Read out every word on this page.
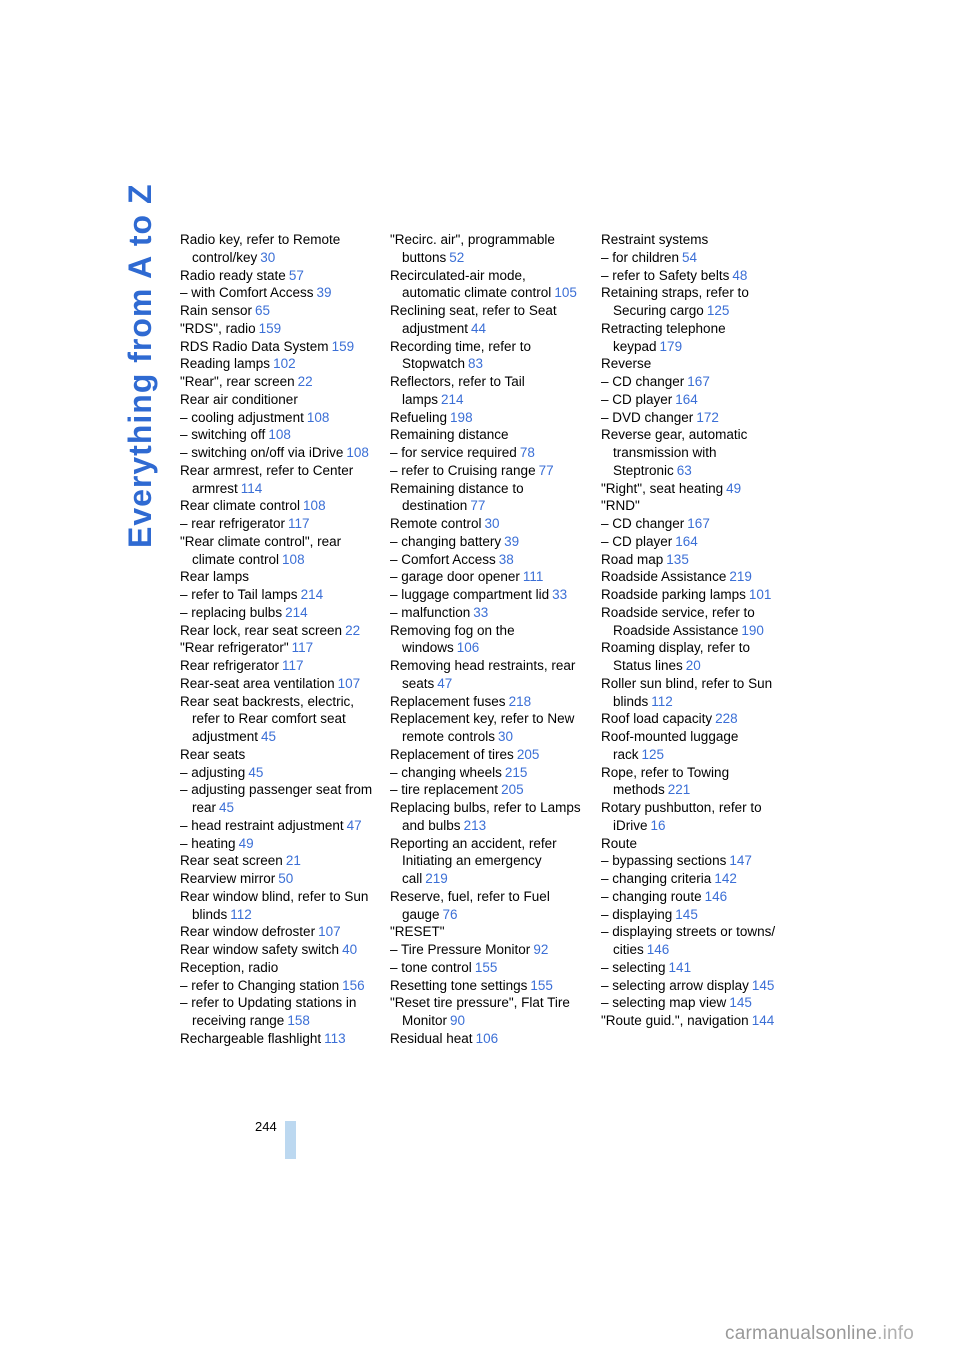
Everything from A to Z Radio key, refer to Remote control/key 30
Radio ready state 57
– with Comfort Access 39
Rain sensor 65
"RDS", radio 159
RDS Radio Data System 159
Reading lamps 102
"Rear", rear screen 22
Rear air conditioner
– cooling adjustment 108
– switching off 108
– switching on/off via iDrive 108
Rear armrest, refer to Center armrest 114
Rear climate control 108
– rear refrigerator 117
"Rear climate control", rear climate control 108
Rear lamps
– refer to Tail lamps 214
– replacing bulbs 214
Rear lock, rear seat screen 22
"Rear refrigerator" 117
Rear refrigerator 117
Rear-seat area ventilation 107
Rear seat backrests, electric, refer to Rear comfort seat adjustment 45
Rear seats
– adjusting 45
– adjusting passenger seat from rear 45
– head restraint adjustment 47
– heating 49
Rear seat screen 21
Rearview mirror 50
Rear window blind, refer to Sun blinds 112
Rear window defroster 107
Rear window safety switch 40
Reception, radio
– refer to Changing station 156
– refer to Updating stations in receiving range 158
Rechargeable flashlight 113
"Recirc. air", programmable buttons 52
Recirculated-air mode, automatic climate control 105
Reclining seat, refer to Seat adjustment 44
Recording time, refer to Stopwatch 83
Reflectors, refer to Tail lamps 214
Refueling 198
Remaining distance
– for service required 78
– refer to Cruising range 77
Remaining distance to destination 77
Remote control 30
– changing battery 39
– Comfort Access 38
– garage door opener 111
– luggage compartment lid 33
– malfunction 33
Removing fog on the windows 106
Removing head restraints, rear seats 47
Replacement fuses 218
Replacement key, refer to New remote controls 30
Replacement of tires 205
– changing wheels 215
– tire replacement 205
Replacing bulbs, refer to Lamps and bulbs 213
Reporting an accident, refer Initiating an emergency call 219
Reserve, fuel, refer to Fuel gauge 76
"RESET"
– Tire Pressure Monitor 92
– tone control 155
Resetting tone settings 155
"Reset tire pressure", Flat Tire Monitor 90
Residual heat 106
Restraint systems
– for children 54
– refer to Safety belts 48
Retaining straps, refer to Securing cargo 125
Retracting telephone keypad 179
Reverse
– CD changer 167
– CD player 164
– DVD changer 172
Reverse gear, automatic transmission with Steptronic 63
"Right", seat heating 49
"RND"
– CD changer 167
– CD player 164
Road map 135
Roadside Assistance 219
Roadside parking lamps 101
Roadside service, refer to Roadside Assistance 190
Roaming display, refer to Status lines 20
Roller sun blind, refer to Sun blinds 112
Roof load capacity 228
Roof-mounted luggage rack 125
Rope, refer to Towing methods 221
Rotary pushbutton, refer to iDrive 16
Route
– bypassing sections 147
– changing criteria 142
– changing route 146
– displaying 145
– displaying streets or towns/ cities 146
– selecting 141
– selecting arrow display 145
– selecting map view 145
"Route guid.", navigation 144
244
carmanualsonline.info
